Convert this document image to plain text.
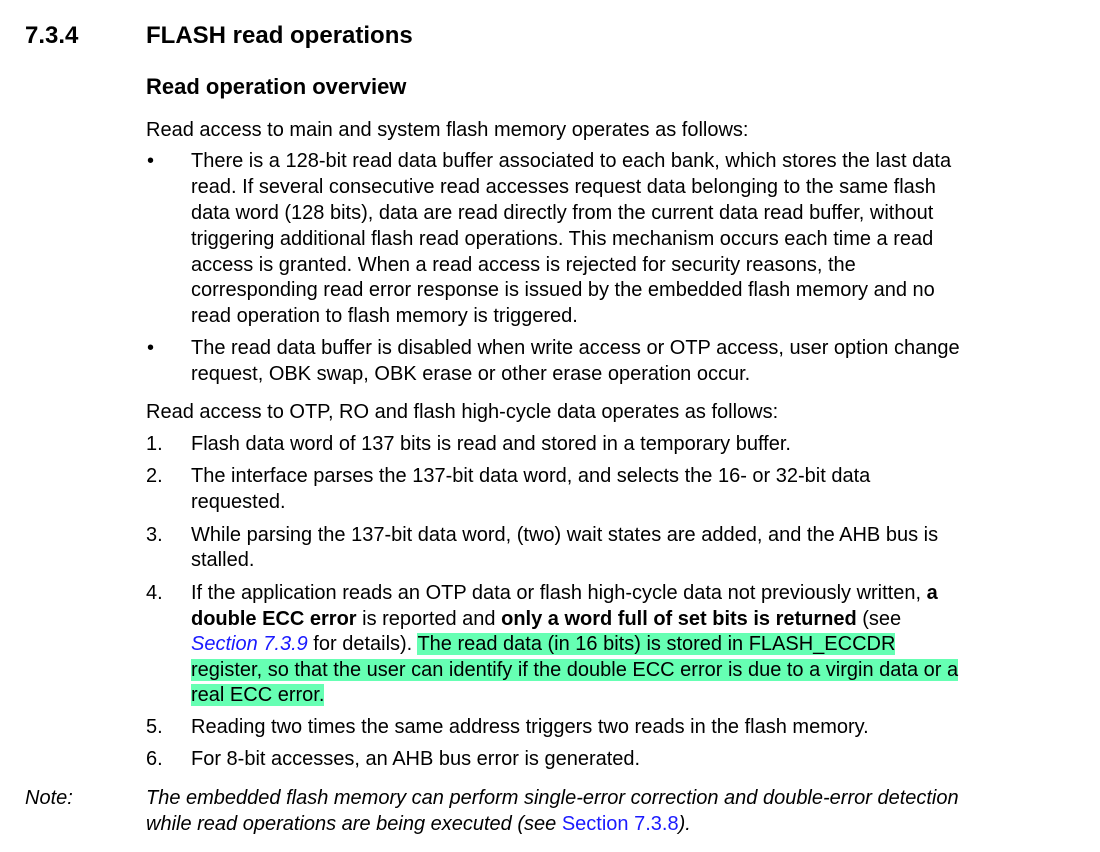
7.3.4	FLASH read operations
Read operation overview
Read access to main and system flash memory operates as follows:
• There is a 128-bit read data buffer associated to each bank, which stores the last data
read. If several consecutive read accesses request data belonging to the same flash
data word (128 bits), data are read directly from the current data read buffer, without
triggering additional flash read operations. This mechanism occurs each time a read
access is granted. When a read access is rejected for security reasons, the
corresponding read error response is issued by the embedded flash memory and no
read operation to flash memory is triggered.
• The read data buffer is disabled when write access or OTP access, user option change
request, OBK swap, OBK erase or other erase operation occur.
Read access to OTP, RO and flash high-cycle data operates as follows:
1. Flash data word of 137 bits is read and stored in a temporary buffer.
2. The interface parses the 137-bit data word, and selects the 16- or 32-bit data
requested.
3. While parsing the 137-bit data word, (two) wait states are added, and the AHB bus is
stalled.
4. If the application reads an OTP data or flash high-cycle data not previously written, a
double ECC error is reported and only a word full of set bits is returned (see
Section 7.3.9 for details). The read data (in 16 bits) is stored in FLASH_ECCDR
register, so that the user can identify if the double ECC error is due to a virgin data or a
real ECC error.
5. Reading two times the same address triggers two reads in the flash memory.
6. For 8-bit accesses, an AHB bus error is generated.
Note:	The embedded flash memory can perform single-error correction and double-error detection
while read operations are being executed (see Section 7.3.8).
